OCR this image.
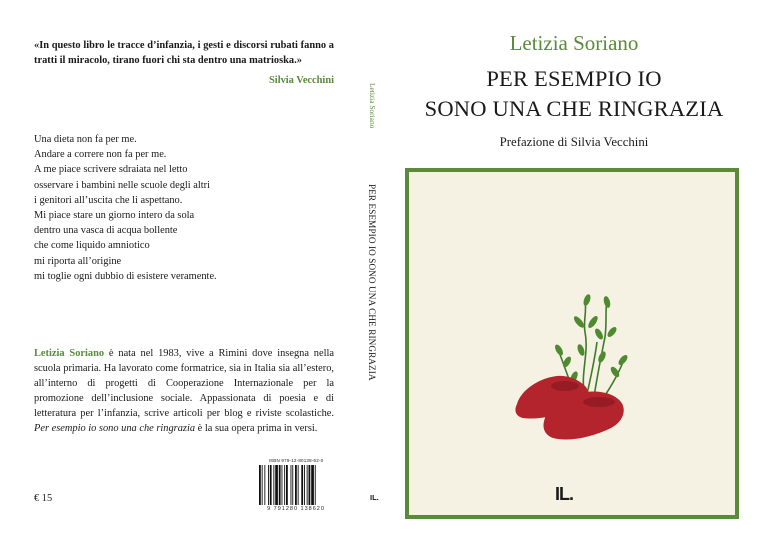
«In questo libro le tracce d’infanzia, i gesti e discorsi rubati fanno a tratti il miracolo, tirano fuori chi sta dentro una matrioska.»
Silvia Vecchini
Una dieta non fa per me.
Andare a correre non fa per me.
A me piace scrivere sdraiata nel letto
osservare i bambini nelle scuole degli altri
i genitori all’uscita che li aspettano.
Mi piace stare un giorno intero da sola
dentro una vasca di acqua bollente
che come liquido amniotico
mi riporta all’origine
mi toglie ogni dubbio di esistere veramente.
Letizia Soriano è nata nel 1983, vive a Rimini dove insegna nella scuola primaria. Ha lavorato come formatrice, sia in Italia sia all’estero, all’interno di progetti di Cooperazione Internazionale per la promozione dell’inclusione sociale. Appassionata di poesia e di letteratura per l’infanzia, scrive articoli per blog e riviste scolastiche. Per esempio io sono una che ringrazia è la sua opera prima in versi.
€ 15
ISBN 979-12-80138-62-0
9 791280 138620
Letizia Soriano
PER ESEMPIO IO SONO UNA CHE RINGRAZIA
IL.
Letizia Soriano
PER ESEMPIO IO
SONO UNA CHE RINGRAZIA
Prefazione di Silvia Vecchini
IL.
